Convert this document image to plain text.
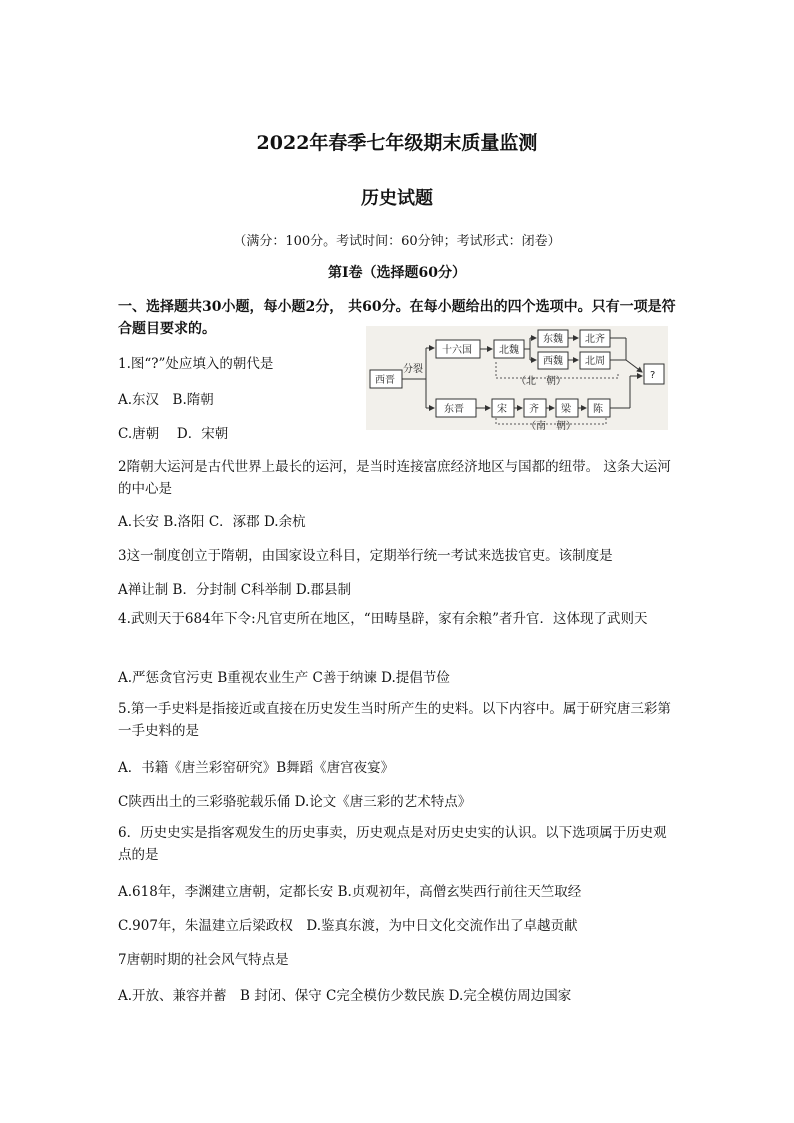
2022年春季七年级期末质量监测
历史试题
（满分：100分。考试时间：60分钟；考试形式：闭卷）
第Ⅰ卷（选择题60分）
一、选择题共30小题，每小题2分， 共60分。在每小题给出的四个选项中。只有一项是符合题目要求的。
1.图“?”处应填入的朝代是
A.东汉　B.隋朝
C.唐朝　 D．宋朝
西晋
分裂
十六国	北魏
东魏
西魏
北齐
北周
?
（北　朝）
东晋	宋 齐 梁 陈
（南　朝）
2隋朝大运河是古代世界上最长的运河，是当时连接富庶经济地区与国都的纽带。 这条大运河的中心是
A.长安 B.洛阳 C．涿郡 D.余杭
3这一制度创立于隋朝，由国家设立科目，定期举行统一考试来选拔官吏。该制度是
A禅让制 B．分封制 C科举制 D.郡县制
4.武则天于684年下令:凡官吏所在地区，“田畴垦辟，家有余粮”者升官．这体现了武则天
A.严惩贪官污吏 B重视农业生产 C善于纳谏 D.提倡节俭
5.第一手史料是指接近或直接在历史发生当时所产生的史料。以下内容中。属于研究唐三彩第一手史料的是
A．书籍《唐兰彩窑研究》B舞蹈《唐宫夜宴》
C陕西出土的三彩骆驼载乐俑 D.论文《唐三彩的艺术特点》
6．历史史实是指客观发生的历史事卖，历史观点是对历史史实的认识。以下选项属于历史观点的是
A.618年，李渊建立唐朝，定都长安 B.贞观初年，高僧玄奘西行前往天竺取经
C.907年，朱温建立后梁政权　D.鉴真东渡，为中日文化交流作出了卓越贡献
7唐朝时期的社会风气特点是
A.开放、兼容并蓄　B 封闭、保守 C完全模仿少数民族 D.完全模仿周边国家
